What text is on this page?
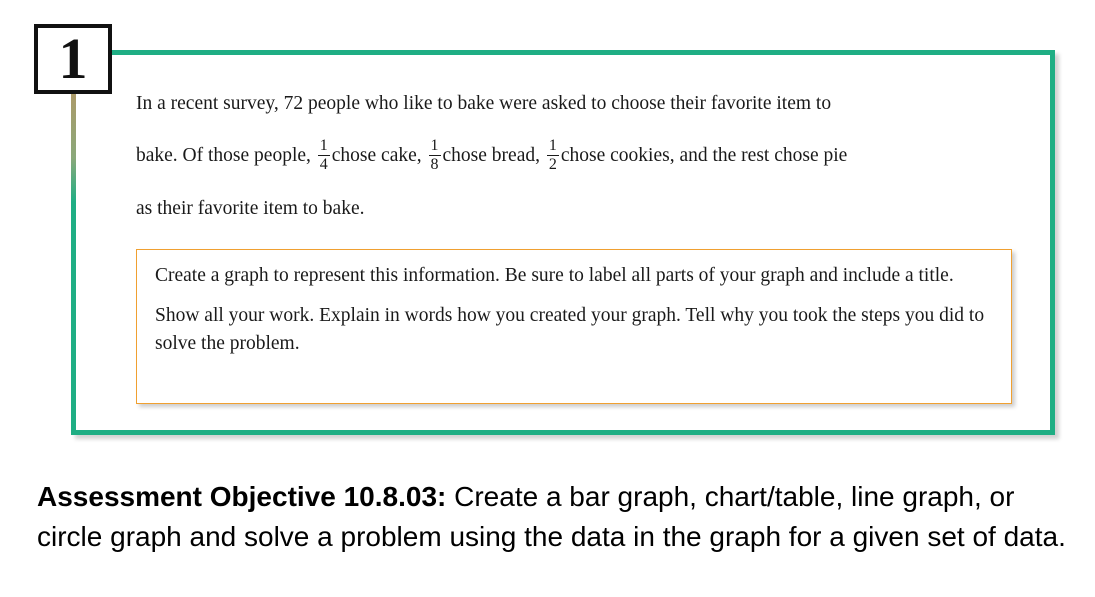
1
In a recent survey, 72 people who like to bake were asked to choose their favorite item to
bake. Of those people, $\frac{1}{4}$ chose cake, $\frac{1}{8}$ chose bread, $\frac{1}{2}$ chose cookies, and the rest chose pie
as their favorite item to bake.

Create a graph to represent this information. Be sure to label all parts of your graph and include a title.

Show all your work. Explain in words how you created your graph. Tell why you took the steps you did to solve the problem.

Assessment Objective 10.8.03: Create a bar graph, chart/table, line graph, or circle graph and solve a problem using the data in the graph for a given set of data.
